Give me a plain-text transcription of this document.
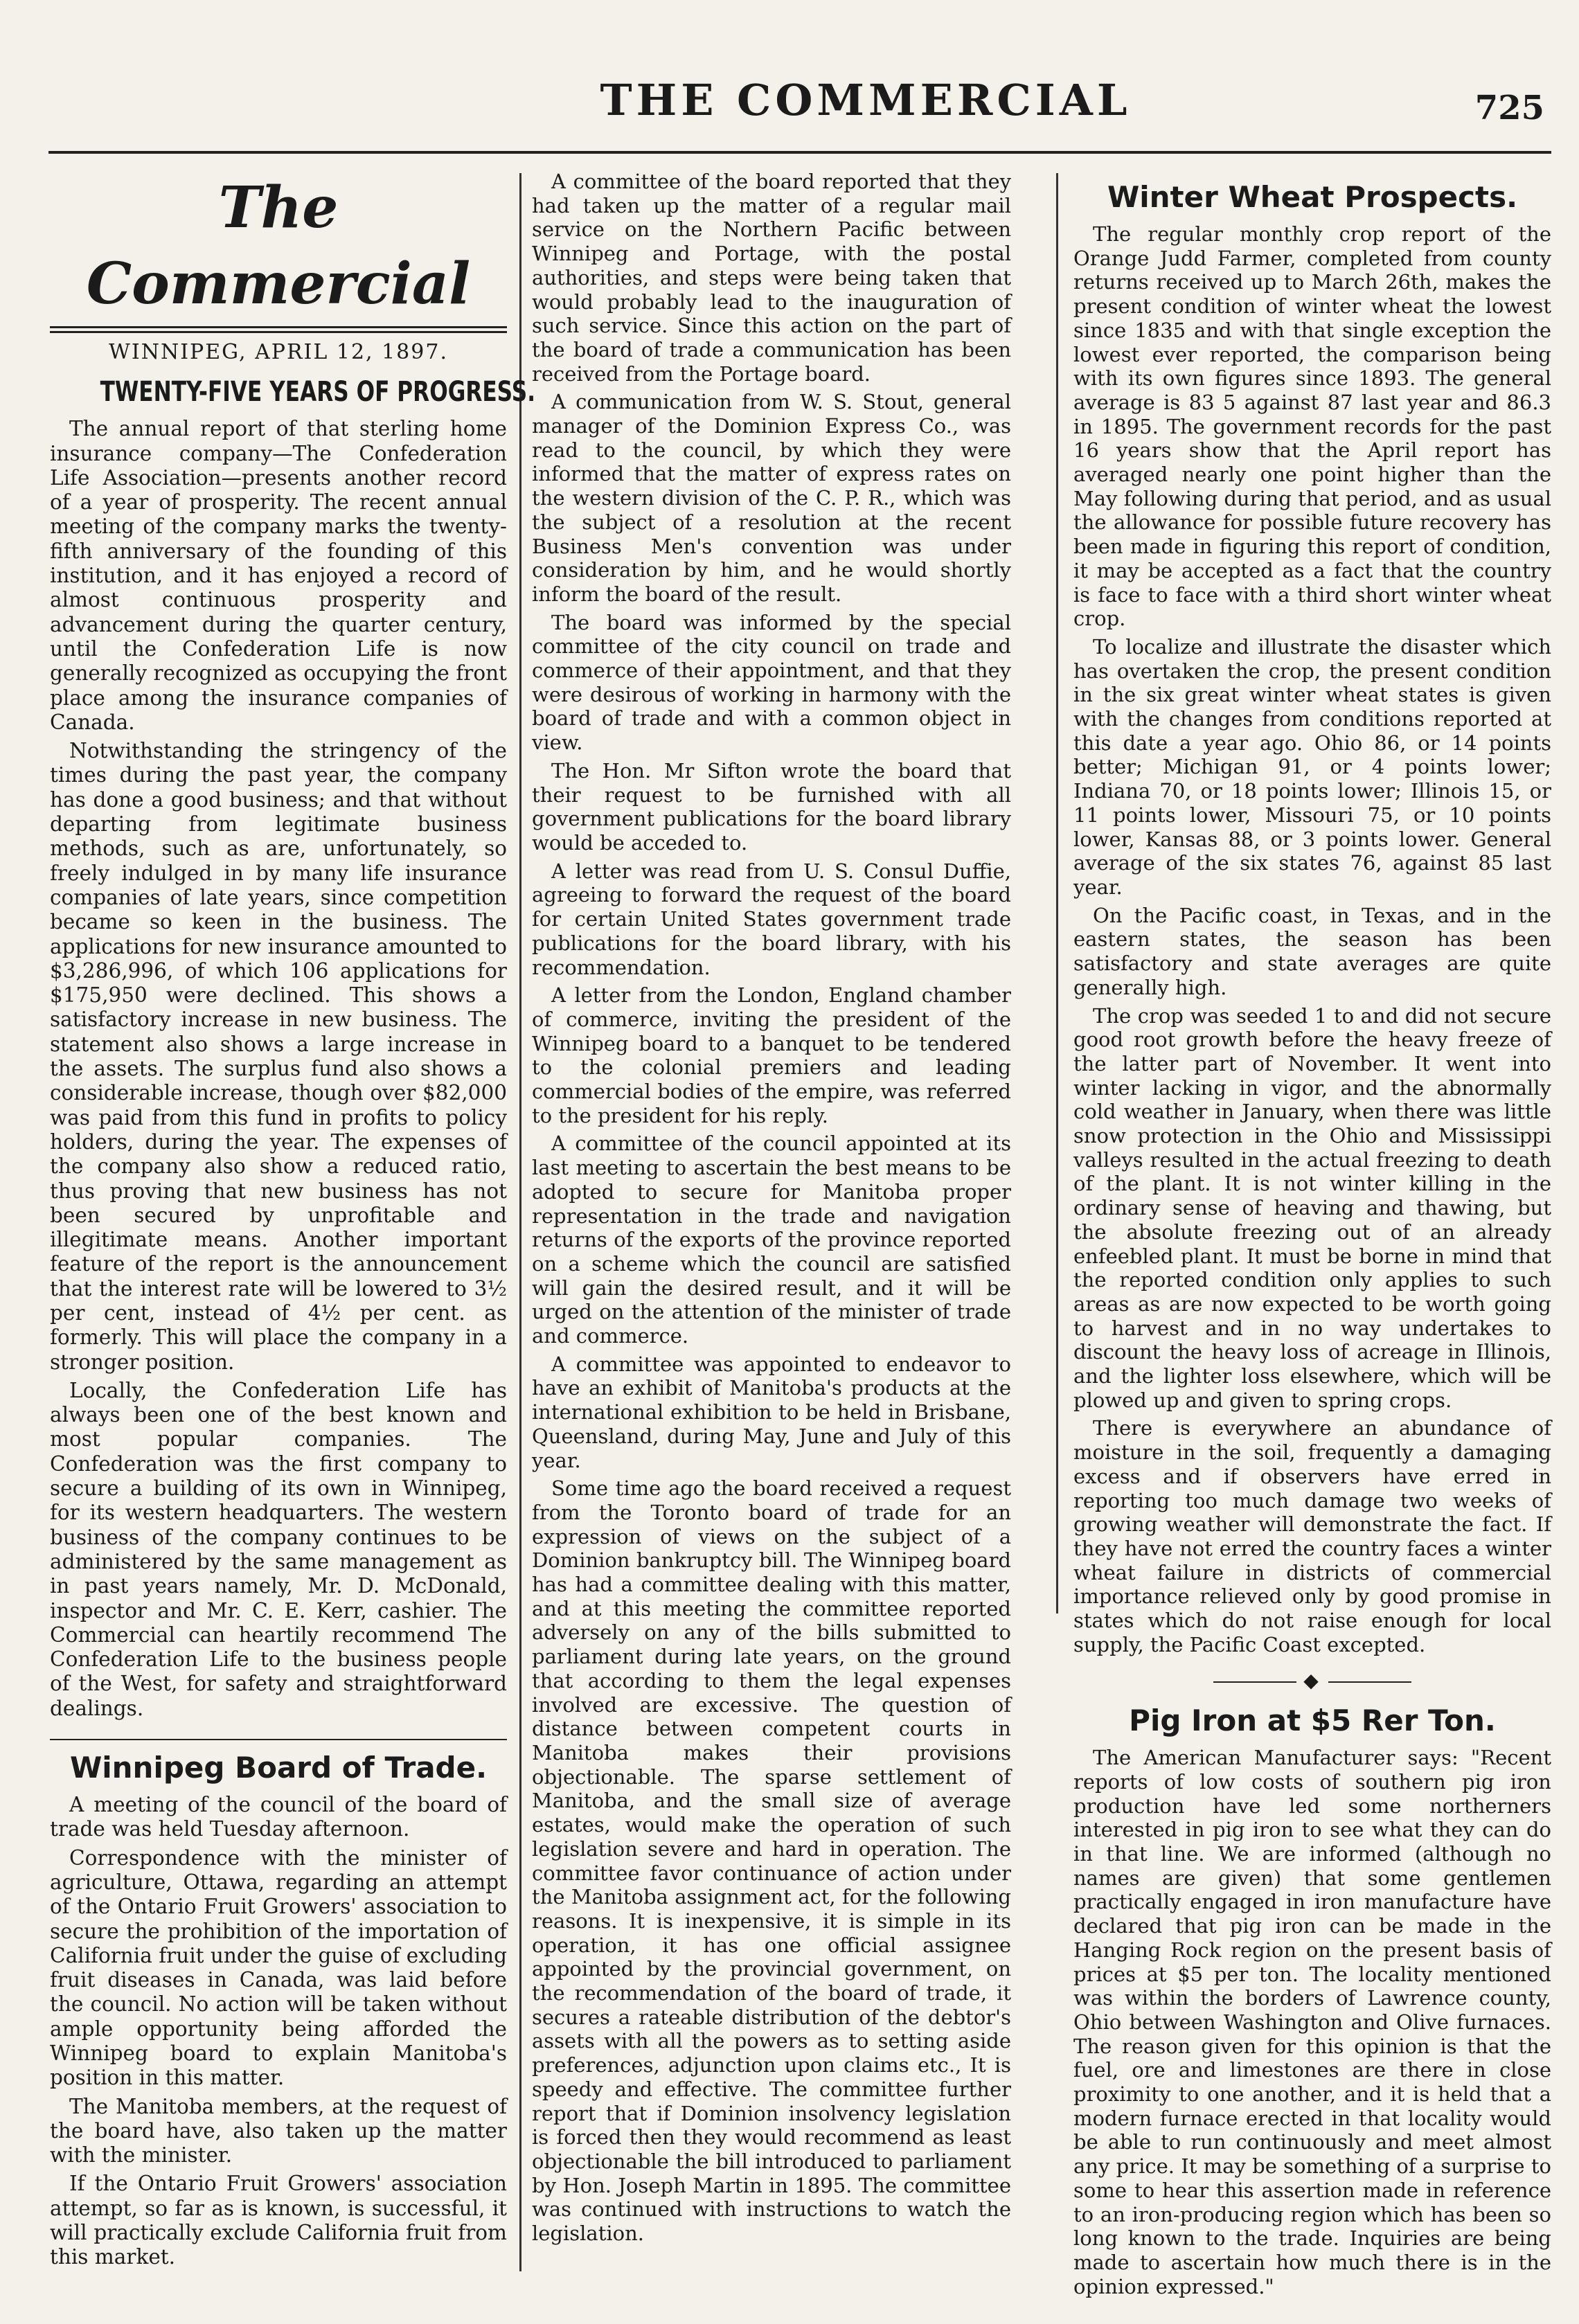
THE COMMERCIAL	725
The Commercial
WINNIPEG, APRIL 12, 1897.
TWENTY-FIVE YEARS OF PROGRESS.

The annual report of that sterling home insurance company—The Confederation Life Association—presents another record of a year of prosperity. The recent annual meeting of the company marks the twenty-fifth anniversary of the founding of this institution, and it has enjoyed a record of almost continuous prosperity and advancement during the quarter century, until the Confederation Life is now generally recognized as occupying the front place among the insurance companies of Canada.

Notwithstanding the stringency of the times during the past year, the company has done a good business; and that without departing from legitimate business methods, such as are, unfortunately, so freely indulged in by many life insurance companies of late years, since competition became so keen in the business. The applications for new insurance amounted to $3,286,996, of which 106 applications for $175,950 were declined. This shows a satisfactory increase in new business. The statement also shows a large increase in the assets. The surplus fund also shows a considerable increase, though over $82,000 was paid from this fund in profits to policy holders, during the year. The expenses of the company also show a reduced ratio, thus proving that new business has not been secured by unprofitable and illegitimate means. Another important feature of the report is the announcement that the interest rate will be lowered to 3½ per cent, instead of 4½ per cent. as formerly. This will place the company in a stronger position.

Locally, the Confederation Life has always been one of the best known and most popular companies. The Confederation was the first company to secure a building of its own in Winnipeg, for its western headquarters. The western business of the company continues to be administered by the same management as in past years namely, Mr. D. McDonald, inspector and Mr. C. E. Kerr, cashier. The Commercial can heartily recommend The Confederation Life to the business people of the West, for safety and straightforward dealings.

Winnipeg Board of Trade.

A meeting of the council of the board of trade was held Tuesday afternoon.

Correspondence with the minister of agriculture, Ottawa, regarding an attempt of the Ontario Fruit Growers' association to secure the prohibition of the importation of California fruit under the guise of excluding fruit diseases in Canada, was laid before the council. No action will be taken without ample opportunity being afforded the Winnipeg board to explain Manitoba's position in this matter.

The Manitoba members, at the request of the board have, also taken up the matter with the minister.

If the Ontario Fruit Growers' association attempt, so far as is known, is successful, it will practically exclude California fruit from this market.

A committee of the board reported that they had taken up the matter of a regular mail service on the Northern Pacific between Winnipeg and Portage, with the postal authorities, and steps were being taken that would probably lead to the inauguration of such service. Since this action on the part of the board of trade a communication has been received from the Portage board.

A communication from W. S. Stout, general manager of the Dominion Express Co., was read to the council, by which they were informed that the matter of express rates on the western division of the C. P. R., which was the subject of a resolution at the recent Business Men's convention was under consideration by him, and he would shortly inform the board of the result.

The board was informed by the special committee of the city council on trade and commerce of their appointment, and that they were desirous of working in harmony with the board of trade and with a common object in view.

The Hon. Mr Sifton wrote the board that their request to be furnished with all government publications for the board library would be acceded to.

A letter was read from U. S. Consul Duffie, agreeing to forward the request of the board for certain United States government trade publications for the board library, with his recommendation.

A letter from the London, England chamber of commerce, inviting the president of the Winnipeg board to a banquet to be tendered to the colonial premiers and leading commercial bodies of the empire, was referred to the president for his reply.

A committee of the council appointed at its last meeting to ascertain the best means to be adopted to secure for Manitoba proper representation in the trade and navigation returns of the exports of the province reported on a scheme which the council are satisfied will gain the desired result, and it will be urged on the attention of the minister of trade and commerce.

A committee was appointed to endeavor to have an exhibit of Manitoba's products at the international exhibition to be held in Brisbane, Queensland, during May, June and July of this year.

Some time ago the board received a request from the Toronto board of trade for an expression of views on the subject of a Dominion bankruptcy bill. The Winnipeg board has had a committee dealing with this matter, and at this meeting the committee reported adversely on any of the bills submitted to parliament during late years, on the ground that according to them the legal expenses involved are excessive. The question of distance between competent courts in Manitoba makes their provisions objectionable. The sparse settlement of Manitoba, and the small size of average estates, would make the operation of such legislation severe and hard in operation. The committee favor continuance of action under the Manitoba assignment act, for the following reasons. It is inexpensive, it is simple in its operation, it has one official assignee appointed by the provincial government, on the recommendation of the board of trade, it secures a rateable distribution of the debtor's assets with all the powers as to setting aside preferences, adjunction upon claims etc., It is speedy and effective. The committee further report that if Dominion insolvency legislation is forced then they would recommend as least objectionable the bill introduced to parliament by Hon. Joseph Martin in 1895. The committee was continued with instructions to watch the legislation.

Winter Wheat Prospects.

The regular monthly crop report of the Orange Judd Farmer, completed from county returns received up to March 26th, makes the present condition of winter wheat the lowest since 1835 and with that single exception the lowest ever reported, the comparison being with its own figures since 1893. The general average is 83 5 against 87 last year and 86.3 in 1895. The government records for the past 16 years show that the April report has averaged nearly one point higher than the May following during that period, and as usual the allowance for possible future recovery has been made in figuring this report of condition, it may be accepted as a fact that the country is face to face with a third short winter wheat crop.

To localize and illustrate the disaster which has overtaken the crop, the present condition in the six great winter wheat states is given with the changes from conditions reported at this date a year ago. Ohio 86, or 14 points better; Michigan 91, or 4 points lower; Indiana 70, or 18 points lower; Illinois 15, or 11 points lower, Missouri 75, or 10 points lower, Kansas 88, or 3 points lower. General average of the six states 76, against 85 last year.

On the Pacific coast, in Texas, and in the eastern states, the season has been satisfactory and state averages are quite generally high.

The crop was seeded 1 to and did not secure good root growth before the heavy freeze of the latter part of November. It went into winter lacking in vigor, and the abnormally cold weather in January, when there was little snow protection in the Ohio and Mississippi valleys resulted in the actual freezing to death of the plant. It is not winter killing in the ordinary sense of heaving and thawing, but the absolute freezing out of an already enfeebled plant. It must be borne in mind that the reported condition only applies to such areas as are now expected to be worth going to harvest and in no way undertakes to discount the heavy loss of acreage in Illinois, and the lighter loss elsewhere, which will be plowed up and given to spring crops.

There is everywhere an abundance of moisture in the soil, frequently a damaging excess and if observers have erred in reporting too much damage two weeks of growing weather will demonstrate the fact. If they have not erred the country faces a winter wheat failure in districts of commercial importance relieved only by good promise in states which do not raise enough for local supply, the Pacific Coast excepted.

◆
Pig Iron at $5 Rer Ton.

The American Manufacturer says: "Recent reports of low costs of southern pig iron production have led some northerners interested in pig iron to see what they can do in that line. We are informed (although no names are given) that some gentlemen practically engaged in iron manufacture have declared that pig iron can be made in the Hanging Rock region on the present basis of prices at $5 per ton. The locality mentioned was within the borders of Lawrence county, Ohio between Washington and Olive furnaces. The reason given for this opinion is that the fuel, ore and limestones are there in close proximity to one another, and it is held that a modern furnace erected in that locality would be able to run continuously and meet almost any price. It may be something of a surprise to some to hear this assertion made in reference to an iron-producing region which has been so long known to the trade. Inquiries are being made to ascertain how much there is in the opinion expressed."
